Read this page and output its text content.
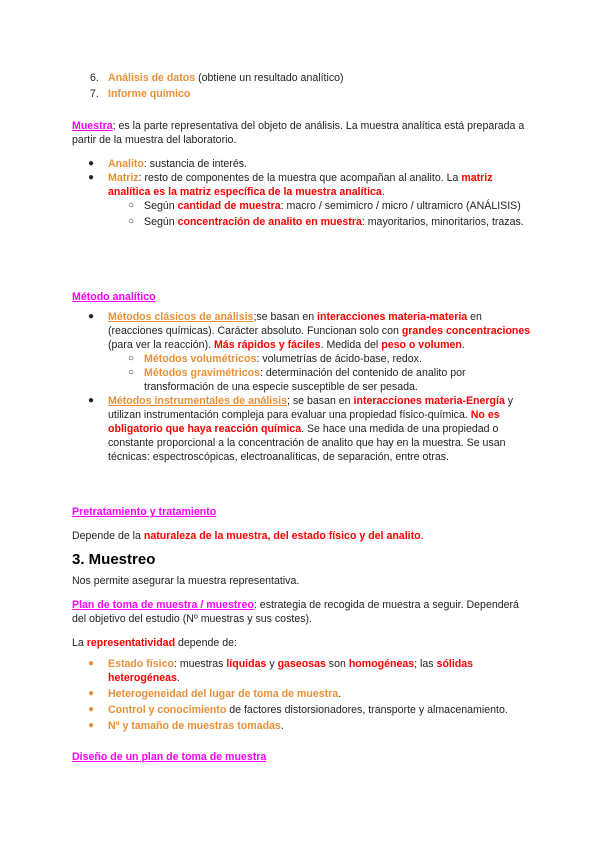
6. Análisis de datos (obtiene un resultado analítico)
7. Informe químico

Muestra; es la parte representativa del objeto de análisis. La muestra analítica está preparada a partir de la muestra del laboratorio.

● Analito: sustancia de interés.
● Matriz: resto de componentes de la muestra que acompañan al analito. La matriz analítica es la matriz específica de la muestra analítica.
○ Según cantidad de muestra: macro / semimicro / micro / ultramicro (ANÁLISIS)
○ Según concentración de analito en muestra: mayoritarios, minoritarios, trazas.

Método analítico

● Métodos clásicos de análisis;se basan en interacciones materia-materia en (reacciones químicas). Carácter absoluto. Funcionan solo con grandes concentraciones (para ver la reacción). Más rápidos y fáciles. Medida del peso o volumen.
○ Métodos volumétricos: volumetrías de ácido-base, redox.
○ Métodos gravimétricos: determinación del contenido de analito por transformación de una especie susceptible de ser pesada.
● Métodos instrumentales de análisis; se basan en interacciones materia-Energía y utilizan instrumentación compleja para evaluar una propiedad físico-química. No es obligatorio que haya reacción química. Se hace una medida de una propiedad o constante proporcional a la concentración de analito que hay en la muestra. Se usan técnicas: espectroscópicas, electroanalíticas, de separación, entre otras.

Pretratamiento y tratamiento

Depende de la naturaleza de la muestra, del estado físico y del analito.

3. Muestreo

Nos permite asegurar la muestra representativa.

Plan de toma de muestra / muestreo: estrategia de recogida de muestra a seguir. Dependerá del objetivo del estudio (Nº muestras y sus costes).

La representatividad depende de:

● Estado físico: muestras líquidas y gaseosas son homogéneas; las sólidas heterogéneas.
● Heterogeneidad del lugar de toma de muestra.
● Control y conocimiento de factores distorsionadores, transporte y almacenamiento.
● Nº y tamaño de muestras tomadas.

Diseño de un plan de toma de muestra
